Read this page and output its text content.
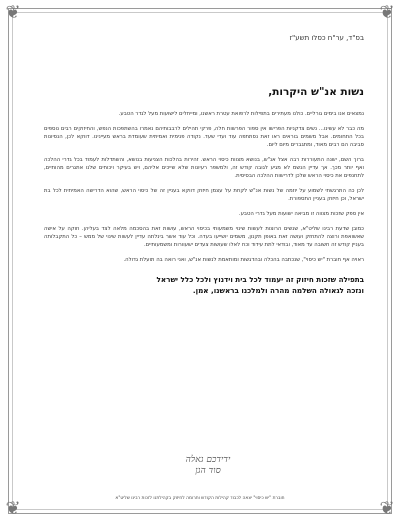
❦	❦
❦	❦

בס"ד, ער"ח כסלו תשע"ז

נשות אנ"ש היקרות,

נמצאים אנו בימים גורליים. כולנו מעתירים בתפילות לרפואת עטרת ראשנו, ומייחלים לישועות מעל לגדר הטבע.

מה כבר לא עשינו... נשים צדקניות הפרישו אין ספור הפרשות חלה, פרקי תהילים לרבבותיהם נאמרו בהשתפכות הנפש, והחיזוקים רבים נוספים בכל התחומים. אבל משמים בוראים ראו זאת נסתתפה עוד ועדי שעד. נקודה פנימית ואמיתית שעומדת בראש מעיינינו. דווקא לכן, הנסיונות סביבה הם רבים מאוד, ומתגברים מיום ליום.

ברוך השם, ישנה התעוררות רבה אצל אנ"ש, בנושא מצוות כיסוי הראש. זהירות בהלכות הצניעות בנושא, והשתדלות לעמוד בכל גדרי ההלכה ואף יותר מכך. אך עדיין הנשמ לא מגיע לגובה קודש זה, ולמשפר רעיונות שלא שייכים אליהם, ויש בעיקר ויכוחים שלנו אתגרים מהותיים, לתחנפים את כיסוי הראש שלכן לדרישות ההלכה הבסיסית.

לכן כה התרגשתי לשמוע על יוזמה של נשות אנ"ש לקחת על עצמן חיזוק דווקא בעניין זה של כיסוי הראש, שהוא הדרישה האמיתית לכל בת ישראל, וכן חיזוק בעניין התספורת.

אין ספק שזכות מצווה זו מביאה ישועות מעל גדרי הטבע.

כמובן שדעת רבינו שליט"א, שנשים הרוצות לעשות שינוי משמעותי בכיסוי הראש, עושות זאת בהסכמה מלאה לצד בעליהן. וזוקה על אישה שאשואפת ורוצה להתחזק ועושה זאת באופן תקנון, משמים יושייעו בעדה. וכל עוד אשר בינלתה עדיין לעשות שינוי של ממש – כל התקבלותה בעניין קודש זה חשובה עד מאוד, ובודאי לתת עידוד וכח לאלו שעושות צעדים ישעוורות ומשמעותיים.

ראויה אף חוברת "יש כיסוי", שנכתבה בהכלה ובהדגשות ומותאמת לנשות אנ"ש, ואני רואה בה תועלת גדולה.

בתפילה שזכות חיזוק זה יעמוד לכל בית וידנוץ ולכל כלל ישראל
ונזכה לגאולה השלמה מהרה ולמלכנו בראשנו, אמן.

ידידכם גאלה
סוד הגן
חוברת "יש כיסוי" יצאה לכבוד קהילות הקודש ותרומה לחיזוק בקהילתנו לזכות רבינו שליט"א
